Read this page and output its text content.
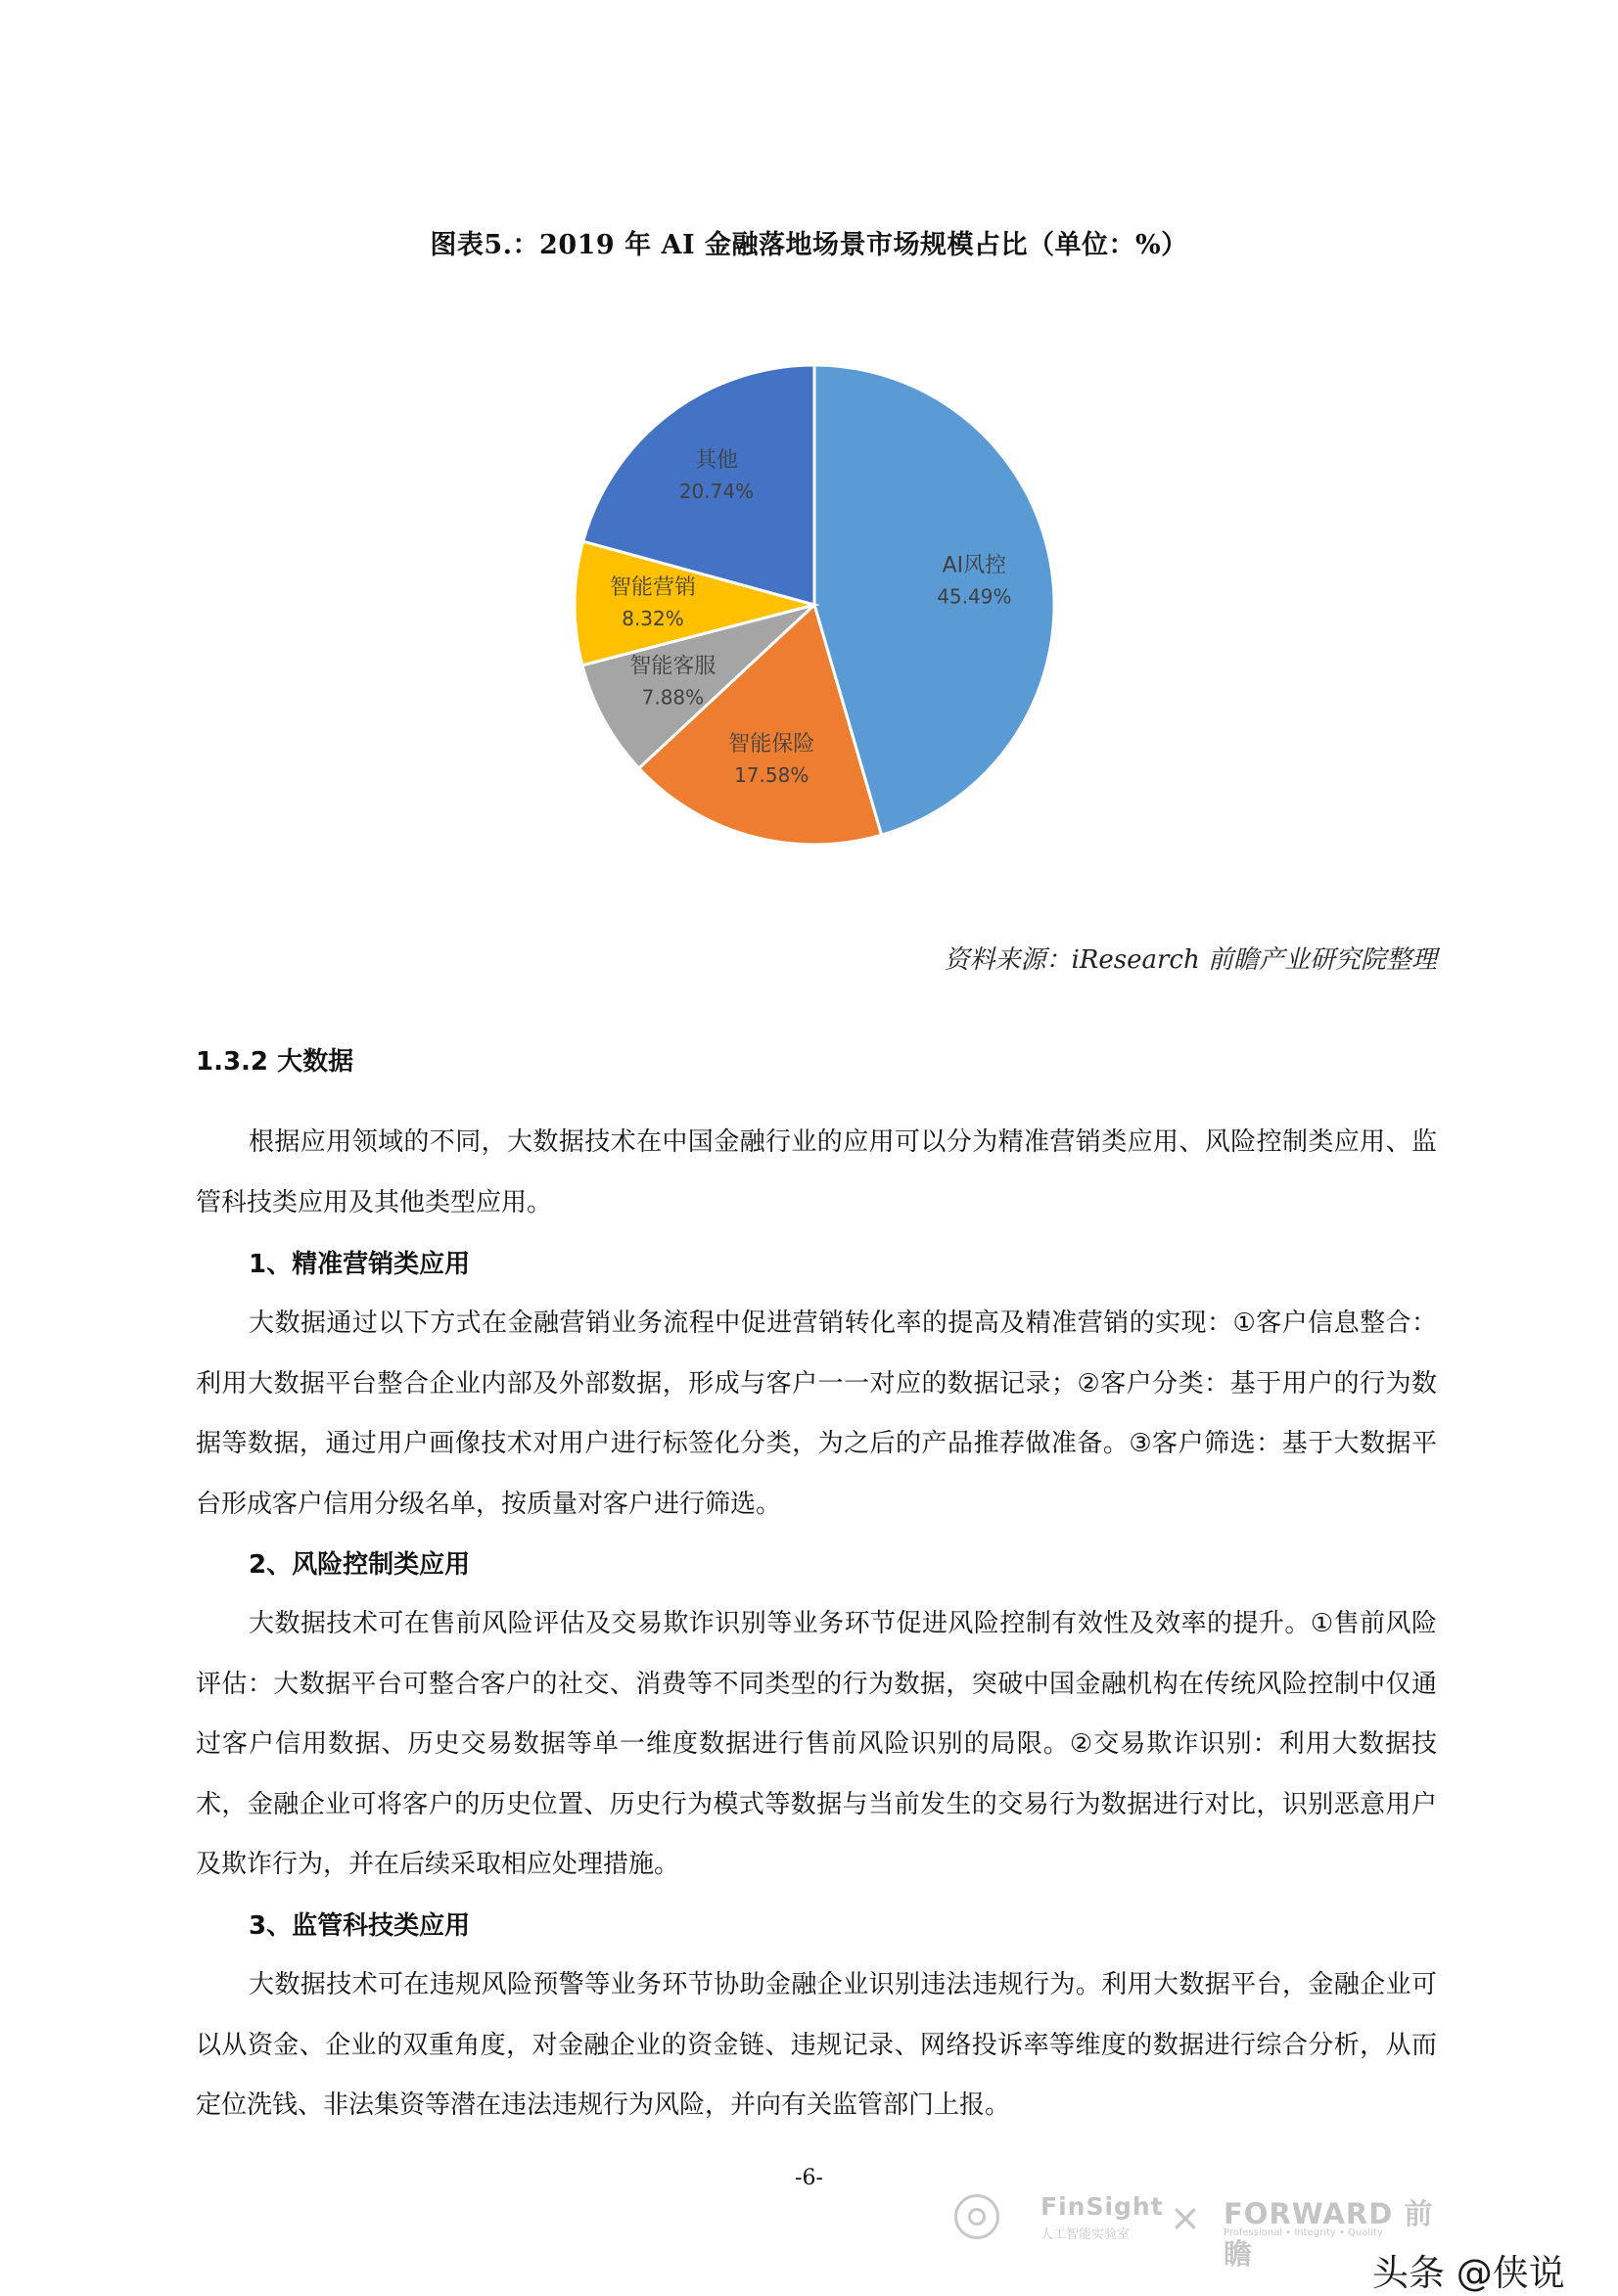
图表5.：2019 年 AI 金融落地场景市场规模占比（单位：%）
AI风控
45.49%
智能保险
17.58%
智能客服
7.88%
智能营销
8.32%
其他
20.74%
资料来源：iResearch 前瞻产业研究院整理
1.3.2 大数据

根据应用领域的不同，大数据技术在中国金融行业的应用可以分为精准营销类应用、风险控制类应用、监管科技类应用及其他类型应用。

1、精准营销类应用

大数据通过以下方式在金融营销业务流程中促进营销转化率的提高及精准营销的实现：①客户信息整合：利用大数据平台整合企业内部及外部数据，形成与客户一一对应的数据记录；②客户分类：基于用户的行为数据等数据，通过用户画像技术对用户进行标签化分类，为之后的产品推荐做准备。③客户筛选：基于大数据平台形成客户信用分级名单，按质量对客户进行筛选。

2、风险控制类应用

大数据技术可在售前风险评估及交易欺诈识别等业务环节促进风险控制有效性及效率的提升。①售前风险评估：大数据平台可整合客户的社交、消费等不同类型的行为数据，突破中国金融机构在传统风险控制中仅通过客户信用数据、历史交易数据等单一维度数据进行售前风险识别的局限。②交易欺诈识别：利用大数据技术，金融企业可将客户的历史位置、历史行为模式等数据与当前发生的交易行为数据进行对比，识别恶意用户及欺诈行为，并在后续采取相应处理措施。

3、监管科技类应用

大数据技术可在违规风险预警等业务环节协助金融企业识别违法违规行为。利用大数据平台，金融企业可以从资金、企业的双重角度，对金融企业的资金链、违规记录、网络投诉率等维度的数据进行综合分析，从而定位洗钱、非法集资等潜在违法违规行为风险，并向有关监管部门上报。

-6-
FinSight
人工智能实验室 × FORWARD 前瞻
Professional • Integrity • Quality
头条 @侠说
